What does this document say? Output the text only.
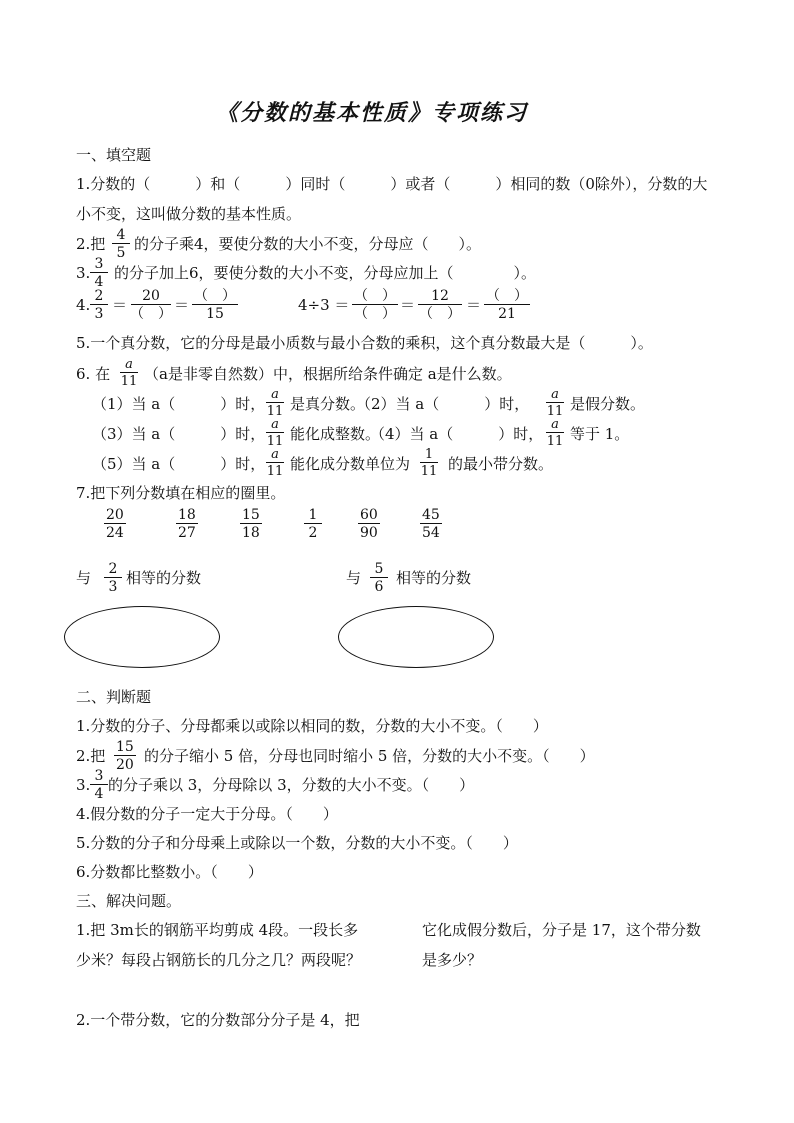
《分数的基本性质》专项练习
一、填空题
1.分数的（　　　）和（　　　）同时（　　　）或者（　　　）相同的数（0除外），分数的大
小不变，这叫做分数的基本性质。
2.把 $\frac{4}{5}$ 的分子乘4，要使分数的大小不变，分母应（　　）。
3. $\frac{3}{4}$ 的分子加上6，要使分数的大小不变，分母应加上（　　　　）。
4. $\frac{2}{3}$ ＝	20
（　） ＝ （　）
15	4÷3 ＝ （　）
（　） ＝	12
（　） ＝ （　）
21
5.一个真分数，它的分母是最小质数与最小合数的乘积，这个真分数最大是（　　　）。
6. 在 $\frac{a}{11} (a$是非零自然数）中，根据所给条件确定 a是什么数。
（1）当 a（　　　）时， $\frac{a}{11}$ 是真分数。
（2）当 a（　　　）时， $\frac{a}{11}$ 是假分数。
（3）当 a（　　　）时， $\frac{a}{11}$ 能化成整数。
（4）当 a（　　　）时， $\frac{a}{11}$ 等于 1。
（5）当 a（　　　）时， $\frac{a}{11}$ 能化成分数单位为 $\frac{1}{11}$ 的最小带分数。
7.把下列分数填在相应的圈里。
$\frac{20}{24}$	$\frac{18}{27}$	$\frac{15}{18}$	$\frac{1}{2}$	$\frac{60}{90}$	$\frac{45}{54}$
与 $\frac{2}{3}$ 相等的分数	与 $\frac{5}{6}$ 相等的分数
二、判断题
1.分数的分子、分母都乘以或除以相同的数，分数的大小不变。（　　）
2.把 $\frac{15}{20}$ 的分子缩小 5 倍，分母也同时缩小 5 倍，分数的大小不变。（　　）
3. $\frac{3}{4}$ 的分子乘以 3，分母除以 3，分数的大小不变。（　　）
4.假分数的分子一定大于分母。（　　）
5.分数的分子和分母乘上或除以一个数，分数的大小不变。（　　）
6.分数都比整数小。（　　）
三、解决问题。
1.把 3m长的钢筋平均剪成 4段。一段长多
少米？每段占钢筋长的几分之几？两段呢？
它化成假分数后，分子是 17，这个带分数
是多少？
2.一个带分数，它的分数部分分子是 4，把
